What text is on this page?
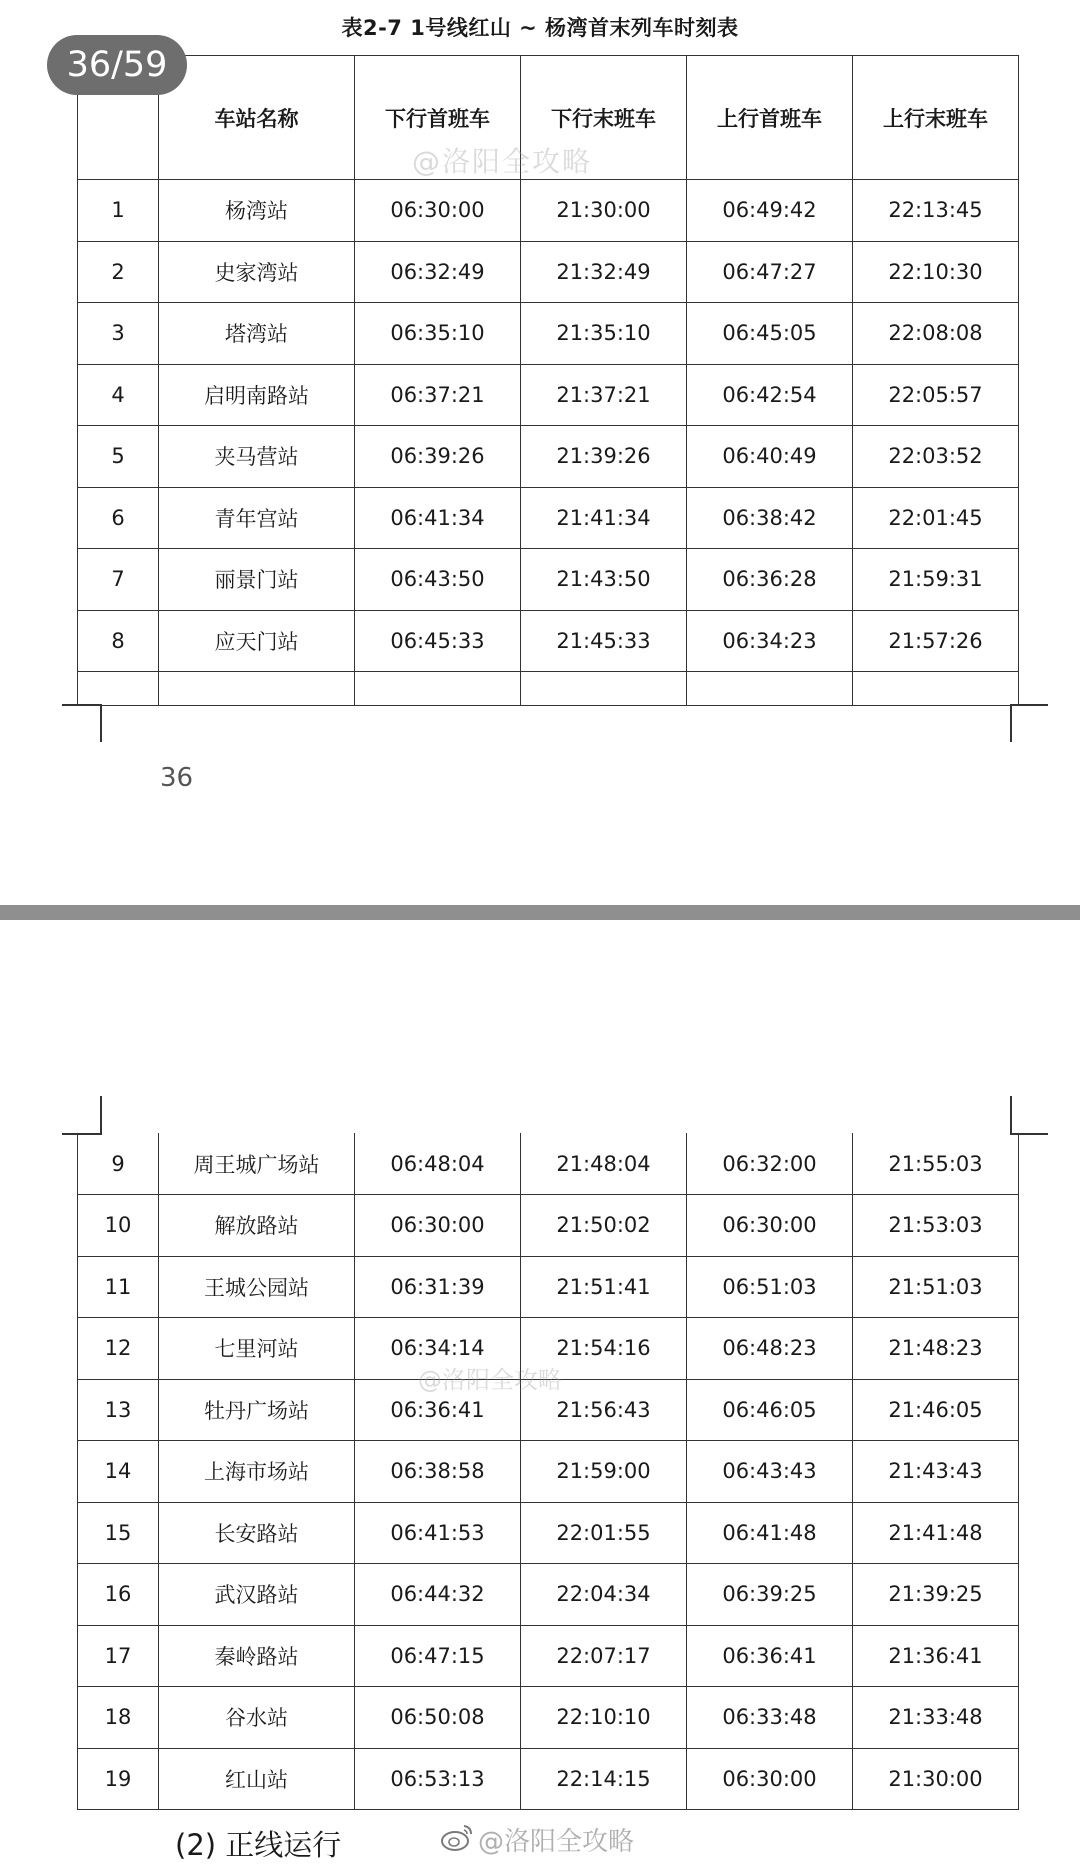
表2-7 1号线红山 ~ 杨湾首末列车时刻表
	车站名称	下行首班车	下行末班车	上行首班车	上行末班车
1	杨湾站	06:30:00	21:30:00	06:49:42	22:13:45
2	史家湾站	06:32:49	21:32:49	06:47:27	22:10:30
3	塔湾站	06:35:10	21:35:10	06:45:05	22:08:08
4	启明南路站	06:37:21	21:37:21	06:42:54	22:05:57
5	夹马营站	06:39:26	21:39:26	06:40:49	22:03:52
6	青年宫站	06:41:34	21:41:34	06:38:42	22:01:45
7	丽景门站	06:43:50	21:43:50	06:36:28	21:59:31
8	应天门站	06:45:33	21:45:33	06:34:23	21:57:26

@洛阳全攻略
36/59
36
9	周王城广场站	06:48:04	21:48:04	06:32:00	21:55:03
10	解放路站	06:30:00	21:50:02	06:30:00	21:53:03
11	王城公园站	06:31:39	21:51:41	06:51:03	21:51:03
12	七里河站	06:34:14	21:54:16	06:48:23	21:48:23
13	牡丹广场站	06:36:41	21:56:43	06:46:05	21:46:05
14	上海市场站	06:38:58	21:59:00	06:43:43	21:43:43
15	长安路站	06:41:53	22:01:55	06:41:48	21:41:48
16	武汉路站	06:44:32	22:04:34	06:39:25	21:39:25
17	秦岭路站	06:47:15	22:07:17	06:36:41	21:36:41
18	谷水站	06:50:08	22:10:10	06:33:48	21:33:48
19	红山站	06:53:13	22:14:15	06:30:00	21:30:00
@洛阳全攻略
(2) 正线运行	@洛阳全攻略
